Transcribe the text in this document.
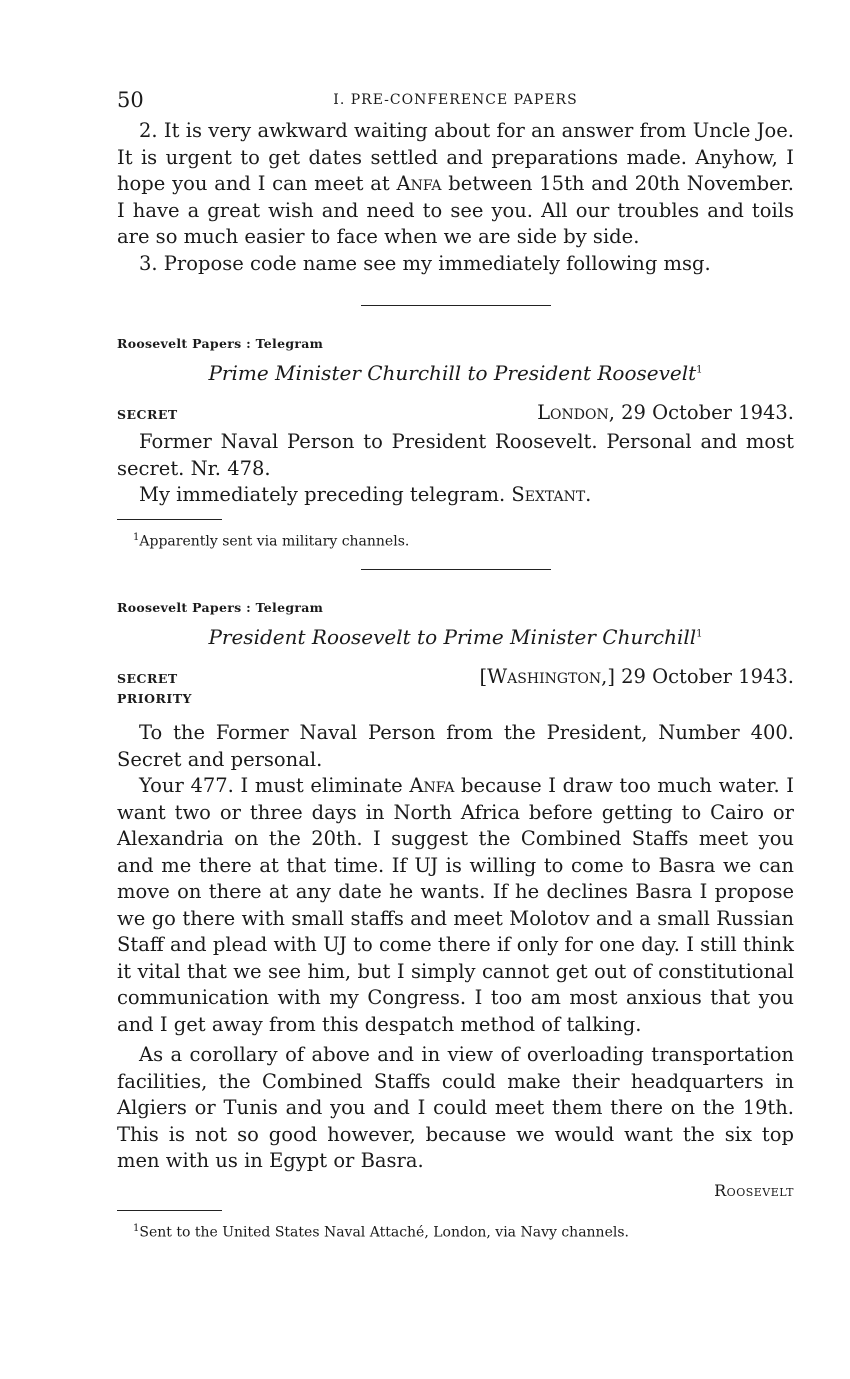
50	I. PRE-CONFERENCE PAPERS

2. It is very awkward waiting about for an answer from Uncle Joe. It is urgent to get dates settled and preparations made. Anyhow, I hope you and I can meet at Anfa between 15th and 20th November. I have a great wish and need to see you. All our troubles and toils are so much easier to face when we are side by side.

3. Propose code name see my immediately following msg.

Roosevelt Papers : Telegram
Prime Minister Churchill to President Roosevelt$^1$
SECRET	London, 29 October 1943.

Former Naval Person to President Roosevelt. Personal and most secret. Nr. 478.

My immediately preceding telegram. Sextant.

$^1$Apparently sent via military channels.
Roosevelt Papers : Telegram
President Roosevelt to Prime Minister Churchill$^1$
SECRET	[Washington,] 29 October 1943.
PRIORITY

To the Former Naval Person from the President, Number 400. Secret and personal.

Your 477. I must eliminate Anfa because I draw too much water. I want two or three days in North Africa before getting to Cairo or Alexandria on the 20th. I suggest the Combined Staffs meet you and me there at that time. If UJ is willing to come to Basra we can move on there at any date he wants. If he declines Basra I propose we go there with small staffs and meet Molotov and a small Russian Staff and plead with UJ to come there if only for one day. I still think it vital that we see him, but I simply cannot get out of constitutional communication with my Congress. I too am most anxious that you and I get away from this despatch method of talking.

As a corollary of above and in view of overloading transportation facilities, the Combined Staffs could make their headquarters in Algiers or Tunis and you and I could meet them there on the 19th. This is not so good however, because we would want the six top men with us in Egypt or Basra.

Roosevelt
$^1$Sent to the United States Naval Attaché, London, via Navy channels.
